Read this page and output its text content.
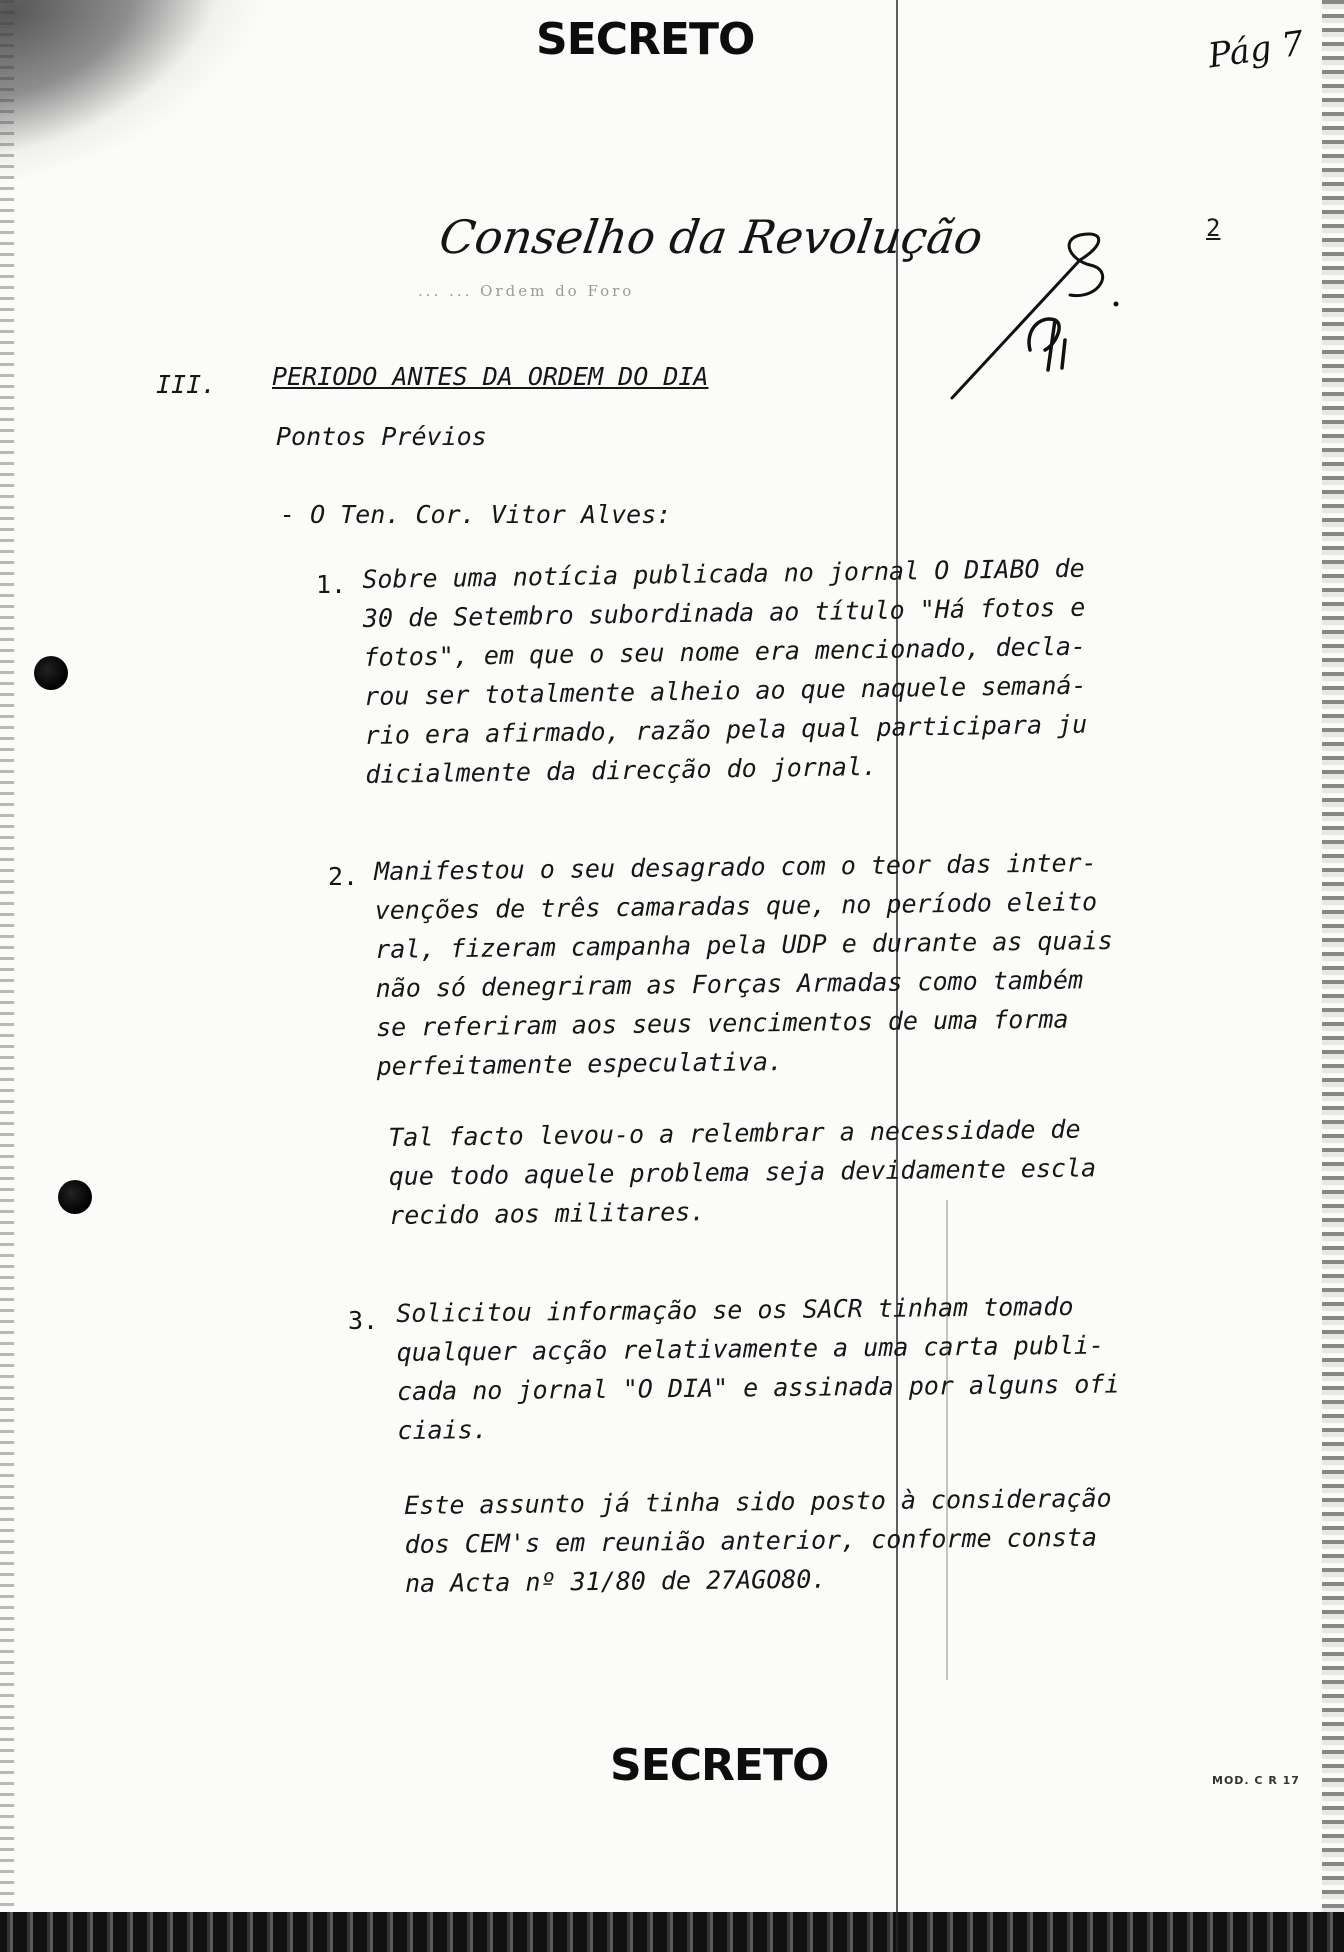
SECRETO	Pág 7
Conselho da Revolução
... ... Ordem do Foro
2
III. PERIODO ANTES DA ORDEM DO DIA
Pontos Prévios
- O Ten. Cor. Vitor Alves:
1. Sobre uma notícia publicada no jornal O DIABO de
30 de Setembro subordinada ao título "Há fotos e
fotos", em que o seu nome era mencionado, decla-
rou ser totalmente alheio ao que naquele semaná-
rio era afirmado, razão pela qual participara ju
dicialmente da direcção do jornal.
2. Manifestou o seu desagrado com o teor das inter-
venções de três camaradas que, no período eleito
ral, fizeram campanha pela UDP e durante as quais
não só denegriram as Forças Armadas como também
se referiram aos seus vencimentos de uma forma
perfeitamente especulativa.
Tal facto levou-o a relembrar a necessidade de
que todo aquele problema seja devidamente escla
recido aos militares.
3. Solicitou informação se os SACR tinham tomado
qualquer acção relativamente a uma carta publi-
cada no jornal "O DIA" e assinada por alguns ofi
ciais.
Este assunto já tinha sido posto à consideração
dos CEM's em reunião anterior, conforme consta
na Acta nº 31/80 de 27AGO80.
SECRETO	MOD. C R 17
